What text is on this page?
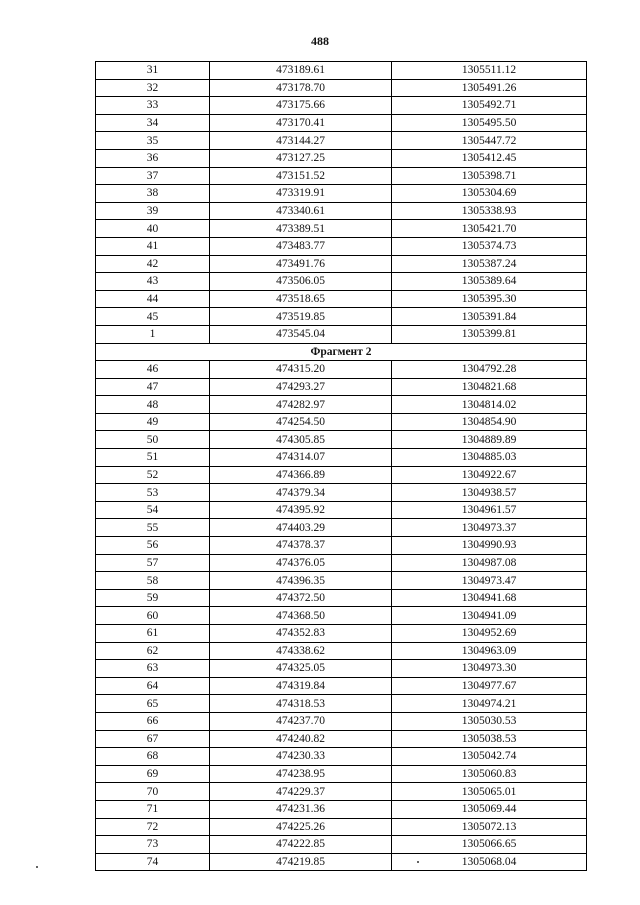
488
31	473189.61	1305511.12
32	473178.70	1305491.26
33	473175.66	1305492.71
34	473170.41	1305495.50
35	473144.27	1305447.72
36	473127.25	1305412.45
37	473151.52	1305398.71
38	473319.91	1305304.69
39	473340.61	1305338.93
40	473389.51	1305421.70
41	473483.77	1305374.73
42	473491.76	1305387.24
43	473506.05	1305389.64
44	473518.65	1305395.30
45	473519.85	1305391.84
1	473545.04	1305399.81
Фрагмент 2		
46	474315.20	1304792.28
47	474293.27	1304821.68
48	474282.97	1304814.02
49	474254.50	1304854.90
50	474305.85	1304889.89
51	474314.07	1304885.03
52	474366.89	1304922.67
53	474379.34	1304938.57
54	474395.92	1304961.57
55	474403.29	1304973.37
56	474378.37	1304990.93
57	474376.05	1304987.08
58	474396.35	1304973.47
59	474372.50	1304941.68
60	474368.50	1304941.09
61	474352.83	1304952.69
62	474338.62	1304963.09
63	474325.05	1304973.30
64	474319.84	1304977.67
65	474318.53	1304974.21
66	474237.70	1305030.53
67	474240.82	1305038.53
68	474230.33	1305042.74
69	474238.95	1305060.83
70	474229.37	1305065.01
71	474231.36	1305069.44
72	474225.26	1305072.13
73	474222.85	1305066.65
74	474219.85	1305068.04
